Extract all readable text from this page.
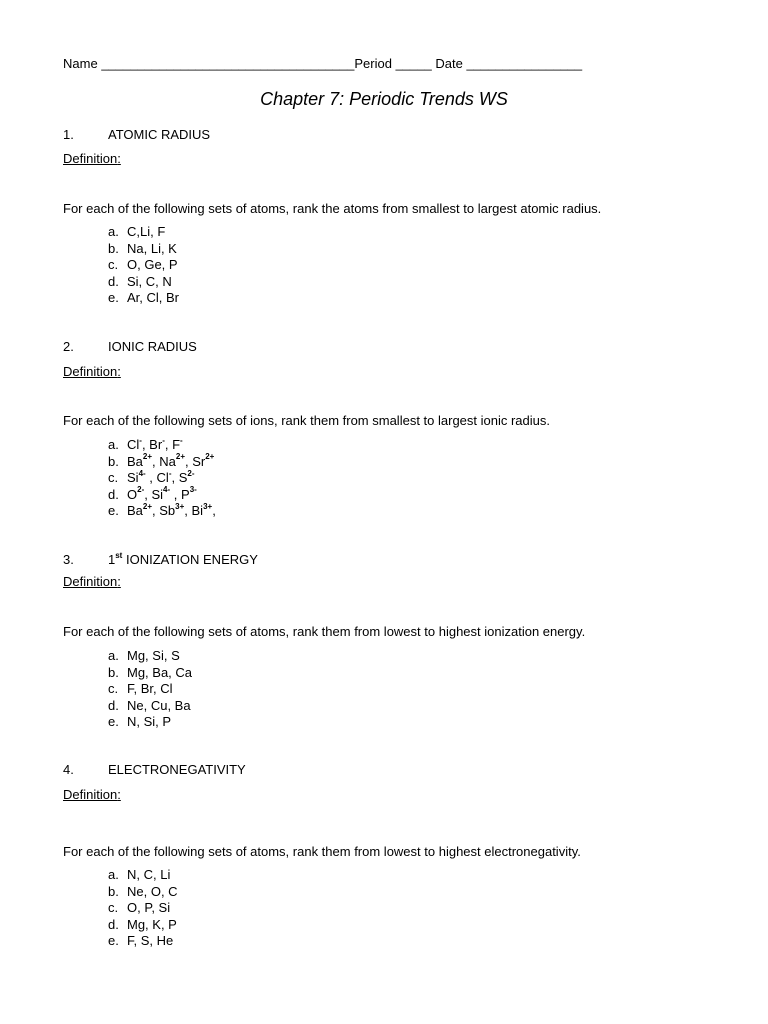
Name ___________________________________Period _____ Date ________________
Chapter 7: Periodic Trends WS
1.	ATOMIC RADIUS
Definition:
For each of the following sets of atoms, rank the atoms from smallest to largest atomic radius.
a. C,Li, F
b. Na, Li, K
c. O, Ge, P
d. Si, C, N
e. Ar, Cl, Br
2.	IONIC RADIUS
Definition:
For each of the following sets of ions, rank them from smallest to largest ionic radius.
a. Cl-, Br-, F-
b. $Ba^{2+}$, $Na^{2+}$, $Sr^{2+}$
c. $Si^{4-}$ , Cl-, $S^{2-}$
d. $O^{2-}$, $Si^{4-}$ , $P^{3-}$
e. $Ba^{2+}$, $Sb^{3+}$, $Bi^{3+}$,
3.	1st IONIZATION ENERGY
Definition:
For each of the following sets of atoms, rank them from lowest to highest ionization energy.
a. Mg, Si, S
b. Mg, Ba, Ca
c. F, Br, Cl
d. Ne, Cu, Ba
e. N, Si, P
4.	ELECTRONEGATIVITY
Definition:
For each of the following sets of atoms, rank them from lowest to highest electronegativity.
a. N, C, Li
b. Ne, O, C
c. O, P, Si
d. Mg, K, P
e. F, S, He
